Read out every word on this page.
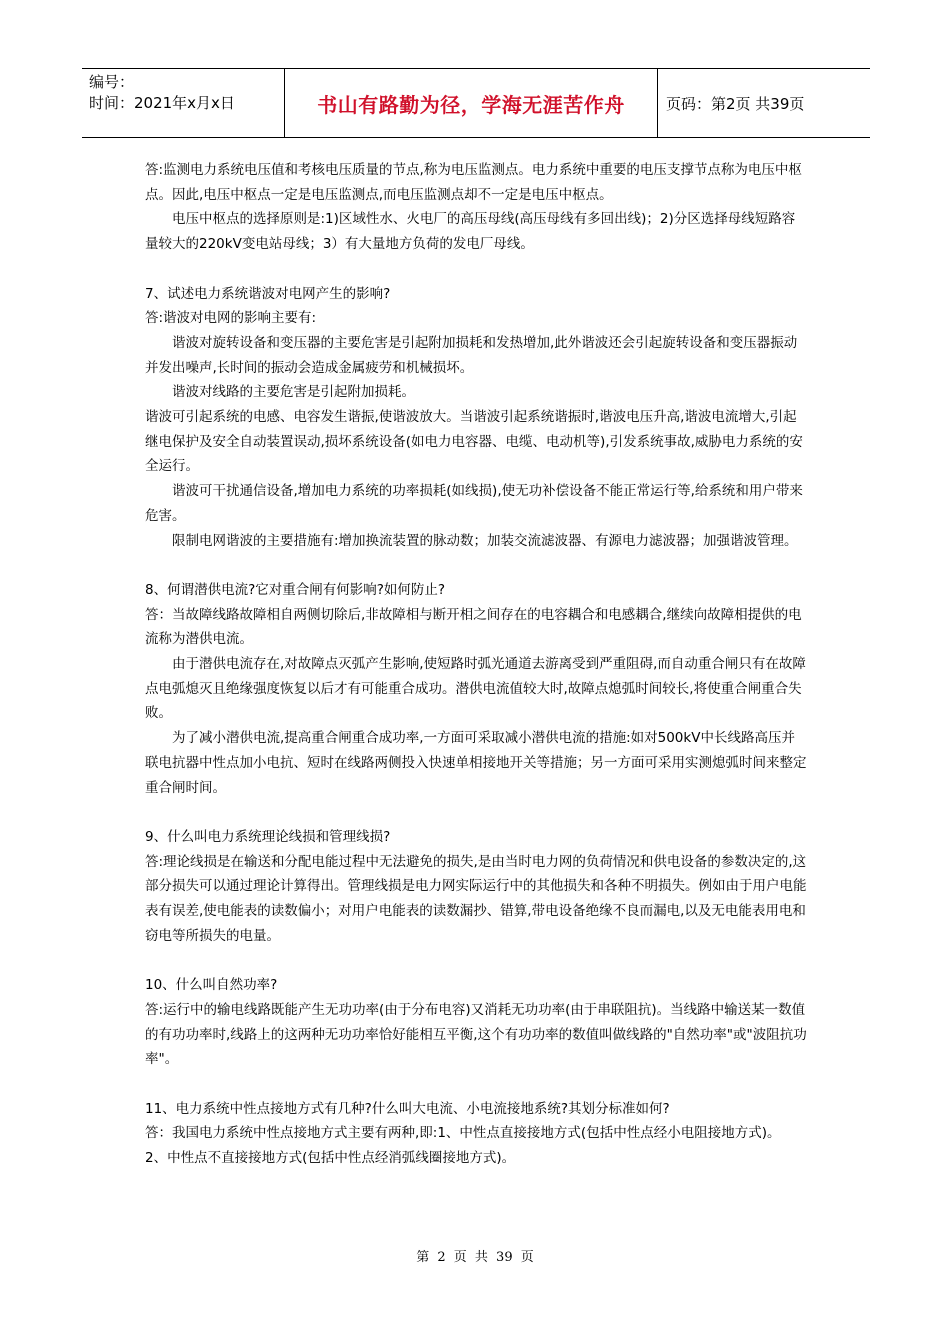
编号：
时间：2021年x月x日	书山有路勤为径，学海无涯苦作舟	页码：第2页 共39页

答:监测电力系统电压值和考核电压质量的节点,称为电压监测点。电力系统中重要的电压支撑节点称为电压中枢点。因此,电压中枢点一定是电压监测点,而电压监测点却不一定是电压中枢点。

电压中枢点的选择原则是:1)区域性水、火电厂的高压母线(高压母线有多回出线)；2)分区选择母线短路容量较大的220kV变电站母线；3）有大量地方负荷的发电厂母线。

7、试述电力系统谐波对电网产生的影响?

答:谐波对电网的影响主要有:

谐波对旋转设备和变压器的主要危害是引起附加损耗和发热增加,此外谐波还会引起旋转设备和变压器振动并发出噪声,长时间的振动会造成金属疲劳和机械损坏。

谐波对线路的主要危害是引起附加损耗。

谐波可引起系统的电感、电容发生谐振,使谐波放大。当谐波引起系统谐振时,谐波电压升高,谐波电流增大,引起继电保护及安全自动装置误动,损坏系统设备(如电力电容器、电缆、电动机等),引发系统事故,威胁电力系统的安全运行。

谐波可干扰通信设备,增加电力系统的功率损耗(如线损),使无功补偿设备不能正常运行等,给系统和用户带来危害。

限制电网谐波的主要措施有:增加换流装置的脉动数；加装交流滤波器、有源电力滤波器；加强谐波管理。

8、何谓潜供电流?它对重合闸有何影响?如何防止?

答：当故障线路故障相自两侧切除后,非故障相与断开相之间存在的电容耦合和电感耦合,继续向故障相提供的电流称为潜供电流。

由于潜供电流存在,对故障点灭弧产生影响,使短路时弧光通道去游离受到严重阻碍,而自动重合闸只有在故障点电弧熄灭且绝缘强度恢复以后才有可能重合成功。潜供电流值较大时,故障点熄弧时间较长,将使重合闸重合失败。

为了减小潜供电流,提高重合闸重合成功率,一方面可采取减小潜供电流的措施:如对500kV中长线路高压并联电抗器中性点加小电抗、短时在线路两侧投入快速单相接地开关等措施；另一方面可采用实测熄弧时间来整定重合闸时间。

9、什么叫电力系统理论线损和管理线损?

答:理论线损是在输送和分配电能过程中无法避免的损失,是由当时电力网的负荷情况和供电设备的参数决定的,这部分损失可以通过理论计算得出。管理线损是电力网实际运行中的其他损失和各种不明损失。例如由于用户电能表有误差,使电能表的读数偏小；对用户电能表的读数漏抄、错算,带电设备绝缘不良而漏电,以及无电能表用电和窃电等所损失的电量。

10、什么叫自然功率?

答:运行中的输电线路既能产生无功功率(由于分布电容)又消耗无功功率(由于串联阻抗)。当线路中输送某一数值的有功功率时,线路上的这两种无功功率恰好能相互平衡,这个有功功率的数值叫做线路的"自然功率"或"波阻抗功率"。

11、电力系统中性点接地方式有几种?什么叫大电流、小电流接地系统?其划分标准如何?

答：我国电力系统中性点接地方式主要有两种,即:1、中性点直接接地方式(包括中性点经小电阻接地方式)。

2、中性点不直接接地方式(包括中性点经消弧线圈接地方式)。

第 2 页 共 39 页
